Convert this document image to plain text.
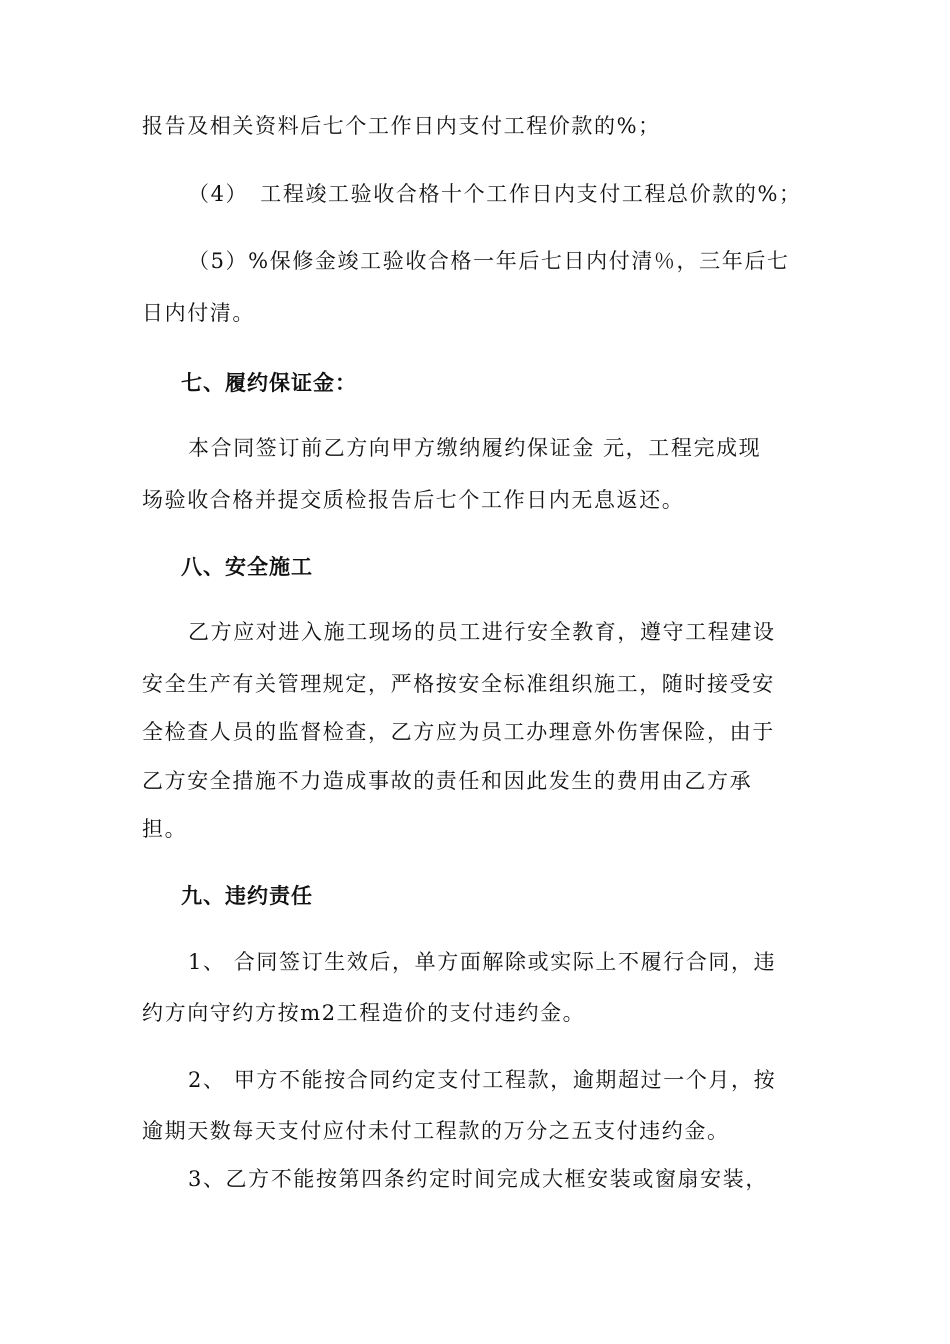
报告及相关资料后七个工作日内支付工程价款的%；
（4）　工程竣工验收合格十个工作日内支付工程总价款的%；
（5）%保修金竣工验收合格一年后七日内付清％，三年后七
日内付清。
七、履约保证金：
本合同签订前乙方向甲方缴纳履约保证金 元，工程完成现
场验收合格并提交质检报告后七个工作日内无息返还。
八、安全施工
乙方应对进入施工现场的员工进行安全教育，遵守工程建设
安全生产有关管理规定，严格按安全标准组织施工，随时接受安
全检查人员的监督检查，乙方应为员工办理意外伤害保险，由于
乙方安全措施不力造成事故的责任和因此发生的费用由乙方承
担。
九、违约责任
1、 合同签订生效后，单方面解除或实际上不履行合同，违
约方向守约方按m2工程造价的支付违约金。
2、 甲方不能按合同约定支付工程款，逾期超过一个月，按
逾期天数每天支付应付未付工程款的万分之五支付违约金。
3、乙方不能按第四条约定时间完成大框安装或窗扇安装，
